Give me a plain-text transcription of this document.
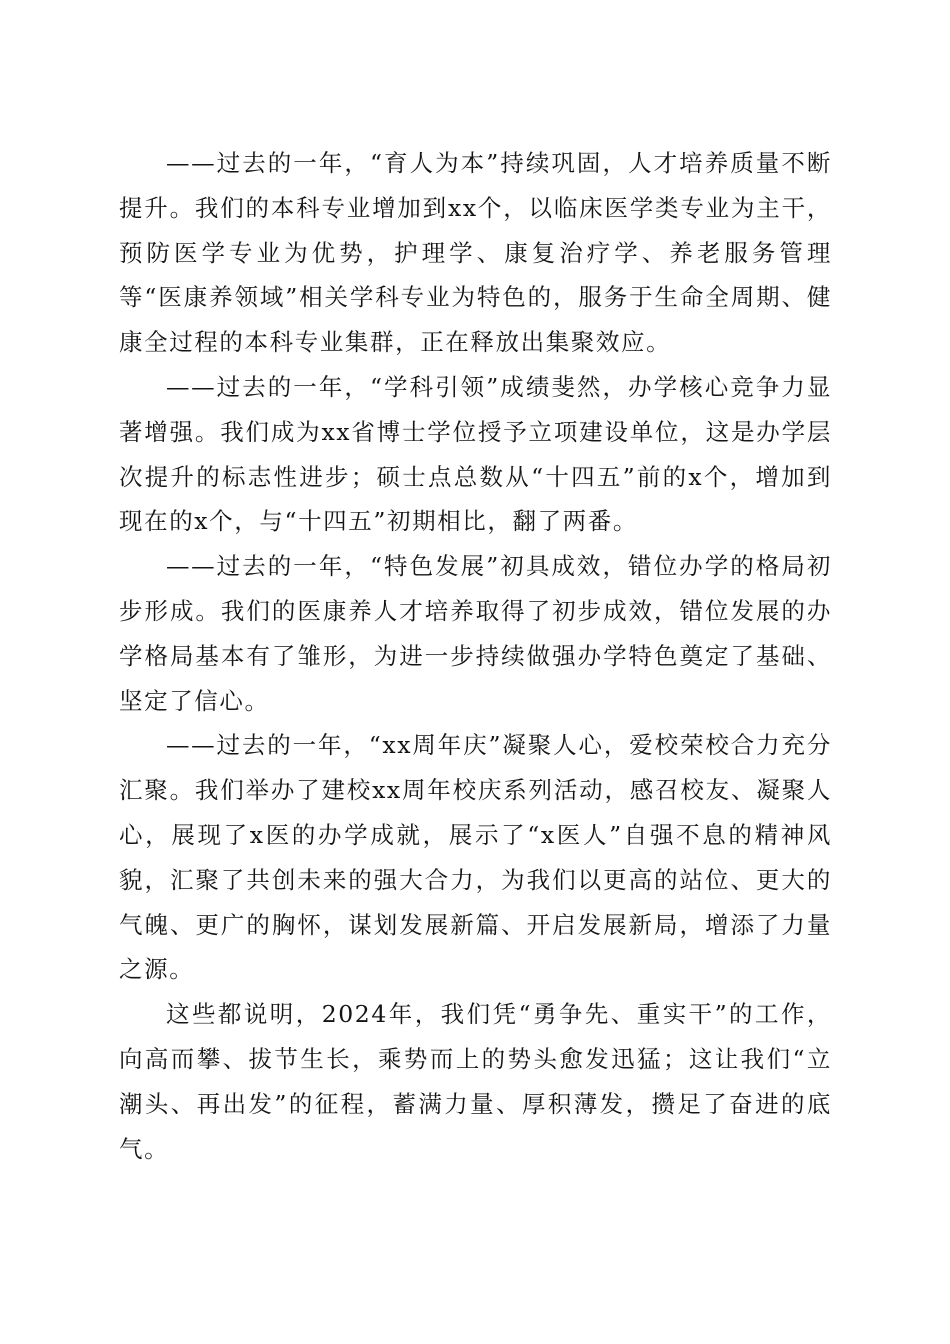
——过去的一年，“育人为本”持续巩固，人才培养质量不断提升。我们的本科专业增加到xx个，以临床医学类专业为主干，预防医学专业为优势，护理学、康复治疗学、养老服务管理等“医康养领域”相关学科专业为特色的，服务于生命全周期、健康全过程的本科专业集群，正在释放出集聚效应。

——过去的一年，“学科引领”成绩斐然，办学核心竞争力显著增强。我们成为xx省博士学位授予立项建设单位，这是办学层次提升的标志性进步；硕士点总数从“十四五”前的x个，增加到现在的x个，与“十四五”初期相比，翻了两番。

——过去的一年，“特色发展”初具成效，错位办学的格局初步形成。我们的医康养人才培养取得了初步成效，错位发展的办学格局基本有了雏形，为进一步持续做强办学特色奠定了基础、坚定了信心。

——过去的一年，“xx周年庆”凝聚人心，爱校荣校合力充分汇聚。我们举办了建校xx周年校庆系列活动，感召校友、凝聚人心，展现了x医的办学成就，展示了“x医人”自强不息的精神风貌，汇聚了共创未来的强大合力，为我们以更高的站位、更大的气魄、更广的胸怀，谋划发展新篇、开启发展新局，增添了力量之源。

这些都说明，2024年，我们凭“勇争先、重实干”的工作，向高而攀、拔节生长，乘势而上的势头愈发迅猛；这让我们“立潮头、再出发”的征程，蓄满力量、厚积薄发，攒足了奋进的底气。
